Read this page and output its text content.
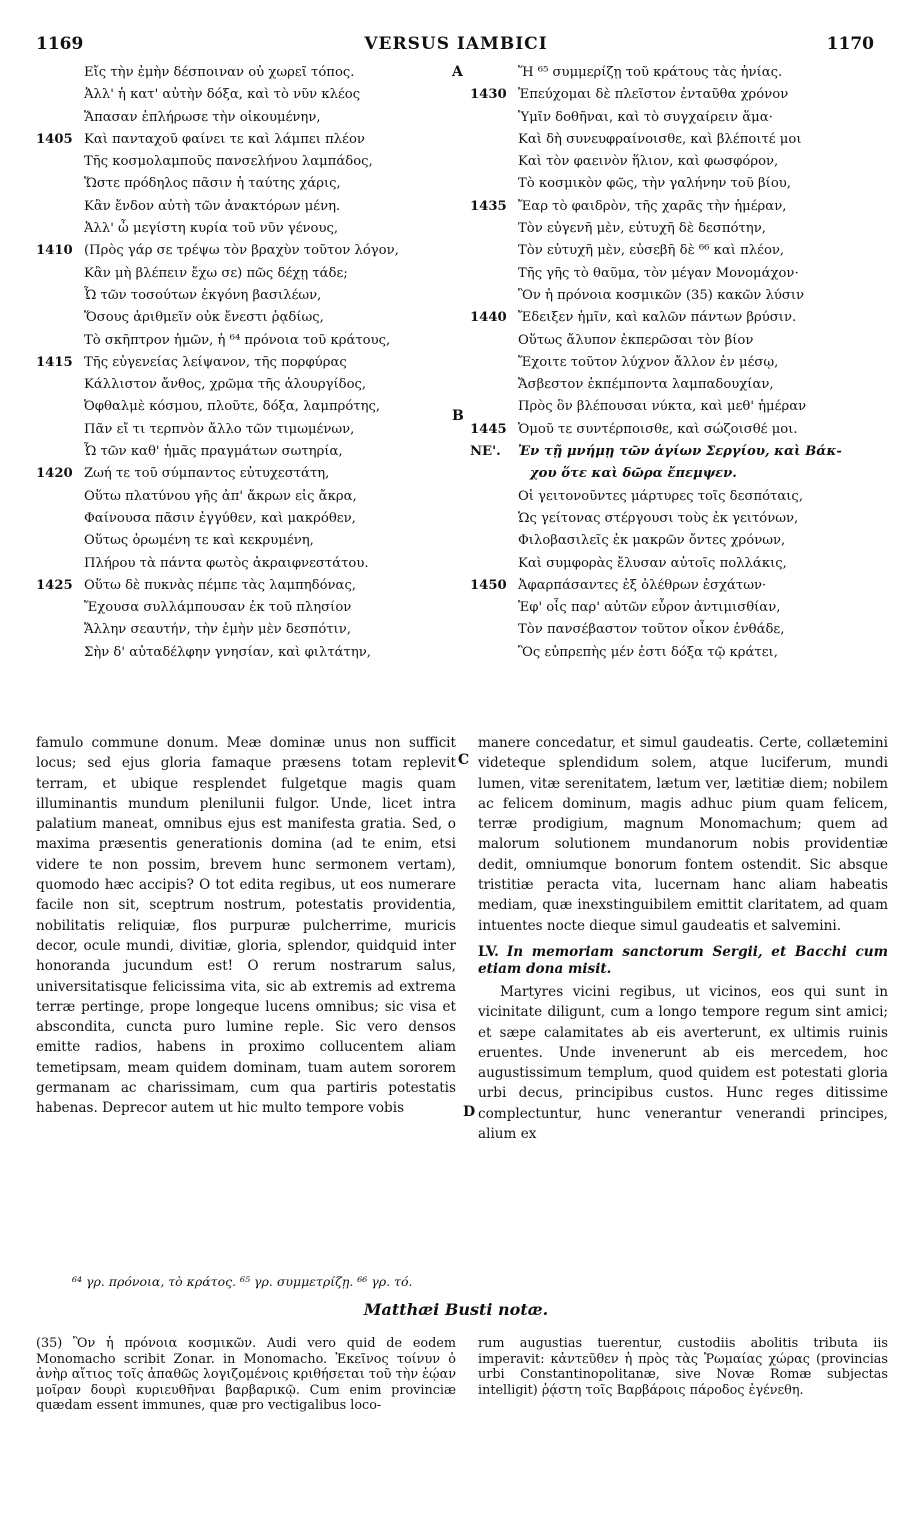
1169	VERSUS IAMBICI	1170
Εἴς τὴν ἐμὴν δέσποιναν οὐ χωρεῖ τόπος.
Ἀλλ' ἡ κατ' αὐτὴν δόξα, καὶ τὸ νῦν κλέος
Ἅπασαν ἐπλήρωσε τὴν οἰκουμένην,
1405 Καὶ πανταχοῦ φαίνει τε καὶ λάμπει πλέον
Τῆς κοσμολαμποῦς πανσελήνου λαμπάδος,
Ὥστε πρόδηλος πᾶσιν ἡ ταύτης χάρις,
Κἂν ἔνδον αὐτὴ τῶν ἀνακτόρων μένη.
Ἀλλ' ὦ μεγίστη κυρία τοῦ νῦν γένους,
1410 (Πρὸς γάρ σε τρέψω τὸν βραχὺν τοῦτον λόγον,
Κἂν μὴ βλέπειν ἔχω σε) πῶς δέχῃ τάδε;
Ὦ τῶν τοσούτων ἐκγόνη βασιλέων,
Ὅσους ἀριθμεῖν οὐκ ἔνεστι ῥᾳδίως,
Τὸ σκῆπτρον ἡμῶν, ἡ ⁶⁴ πρόνοια τοῦ κράτους,
1415 Τῆς εὐγενείας λείψανον, τῆς πορφύρας
Κάλλιστον ἄνθος, χρῶμα τῆς ἁλουργίδος,
Ὀφθαλμὲ κόσμου, πλοῦτε, δόξα, λαμπρότης,
Πᾶν εἴ τι τερπνὸν ἄλλο τῶν τιμωμένων,
Ὦ τῶν καθ' ἡμᾶς πραγμάτων σωτηρία,
1420 Ζωή τε τοῦ σύμπαντος εὐτυχεστάτη,
Οὕτω πλατύνου γῆς ἀπ' ἄκρων εἰς ἄκρα,
Φαίνουσα πᾶσιν ἐγγύθεν, καὶ μακρόθεν,
Οὕτως ὁρωμένη τε καὶ κεκρυμένη,
Πλήρου τὰ πάντα φωτὸς ἀκραιφνεστάτου.
1425 Οὕτω δὲ πυκνὰς πέμπε τὰς λαμπηδόνας,
Ἔχουσα συλλάμπουσαν ἐκ τοῦ πλησίον
Ἄλλην σεαυτήν, τὴν ἐμὴν μὲν δεσπότιν,
Σὴν δ' αὐταδέλφην γνησίαν, καὶ φιλτάτην,
Ἥ ⁶⁵ συμμερίζῃ τοῦ κράτους τὰς ἡνίας.
1430 Ἐπεύχομαι δὲ πλεῖστον ἐνταῦθα χρόνον
Ὑμῖν δοθῆναι, καὶ τὸ συγχαίρειν ἅμα·
Καὶ δὴ συνευφραίνοισθε, καὶ βλέποιτέ μοι
Καὶ τὸν φαεινὸν ἥλιον, καὶ φωσφόρον,
Τὸ κοσμικὸν φῶς, τὴν γαλήνην τοῦ βίου,
1435 Ἔαρ τὸ φαιδρὸν, τῆς χαρᾶς τὴν ἡμέραν,
Τὸν εὐγενῆ μὲν, εὐτυχῆ δὲ δεσπότην,
Τὸν εὐτυχῆ μὲν, εὐσεβῆ δὲ ⁶⁶ καὶ πλέον,
Τῆς γῆς τὸ θαῦμα, τὸν μέγαν Μονομάχον·
Ὃν ἡ πρόνοια κοσμικῶν (35) κακῶν λύσιν
1440 Ἔδειξεν ἡμῖν, καὶ καλῶν πάντων βρύσιν.
Οὕτως ἄλυπον ἐκπερῶσαι τὸν βίον
Ἔχοιτε τοῦτον λύχνον ἄλλον ἐν μέσῳ,
Ἄσβεστον ἐκπέμποντα λαμπαδουχίαν,
Πρὸς ὃν βλέπουσαι νύκτα, καὶ μεθ' ἡμέραν
1445 Ὁμοῦ τε συντέρποισθε, καὶ σώζοισθέ μοι.
ΝΕ'.	Ἐν τῇ μνήμῃ τῶν ἁγίων Σεργίου, καὶ Βάκ-
χου ὅτε καὶ δῶρα ἔπεμψεν.
Οἱ γειτονοῦντες μάρτυρες τοῖς δεσπόταις,
Ὡς γείτονας στέργουσι τοὺς ἐκ γειτόνων,
Φιλοβασιλεῖς ἐκ μακρῶν ὄντες χρόνων,
Καὶ συμφορὰς ἔλυσαν αὐτοῖς πολλάκις,
1450 Ἀφαρπάσαντες ἐξ ὀλέθρων ἐσχάτων·
Ἐφ' οἷς παρ' αὐτῶν εὗρον ἀντιμισθίαν,
Τὸν πανσέβαστον τοῦτον οἶκον ἐνθάδε,
Ὃς εὐπρεπὴς μέν ἐστι δόξα τῷ κράτει,
A
B
C
D

famulo commune donum. Meæ dominæ unus non sufficit locus; sed ejus gloria famaque præsens totam replevit terram, et ubique resplendet fulgetque magis quam illuminantis mundum plenilunii fulgor. Unde, licet intra palatium maneat, omnibus ejus est manifesta gratia. Sed, o maxima præsentis generationis domina (ad te enim, etsi videre te non possim, brevem hunc sermonem vertam), quomodo hæc accipis? O tot edita regibus, ut eos numerare facile non sit, sceptrum nostrum, potestatis providentia, nobilitatis reliquiæ, flos purpuræ pulcherrime, muricis decor, ocule mundi, divitiæ, gloria, splendor, quidquid inter honoranda jucundum est! O rerum nostrarum salus, universitatisque felicissima vita, sic ab extremis ad extrema terræ pertinge, prope longeque lucens omnibus; sic visa et abscondita, cuncta puro lumine reple. Sic vero densos emitte radios, habens in proximo collucentem aliam temetipsam, meam quidem dominam, tuam autem sororem germanam ac charissimam, cum qua partiris potestatis habenas. Deprecor autem ut hic multo tempore vobis

manere concedatur, et simul gaudeatis. Certe, collætemini videteque splendidum solem, atque luciferum, mundi lumen, vitæ serenitatem, lætum ver, lætitiæ diem; nobilem ac felicem dominum, magis adhuc pium quam felicem, terræ prodigium, magnum Monomachum; quem ad malorum solutionem mundanorum nobis providentiæ dedit, omniumque bonorum fontem ostendit. Sic absque tristitiæ peracta vita, lucernam hanc aliam habeatis mediam, quæ inexstinguibilem emittit claritatem, ad quam intuentes nocte dieque simul gaudeatis et salvemini.

LV. In memoriam sanctorum Sergii, et Bacchi cum etiam dona misit.

Martyres vicini regibus, ut vicinos, eos qui sunt in vicinitate diligunt, cum a longo tempore regum sint amici; et sæpe calamitates ab eis averterunt, ex ultimis ruinis eruentes. Unde invenerunt ab eis mercedem, hoc augustissimum templum, quod quidem est potestati gloria urbi decus, principibus custos. Hunc reges ditissime complectuntur, hunc venerantur venerandi principes, alium ex

⁶⁴ γρ. πρόνοια, τὸ κράτος. ⁶⁵ γρ. συμμετρίζῃ. ⁶⁶ γρ. τό.
Matthæi Busti notæ.

(35) Ὃν ἡ πρόνοια κοσμικῶν. Audi vero quid de eodem Monomacho scribit Zonar. in Monomacho. Ἐκεῖνος τοίνυν ὁ ἀνὴρ αἴτιος τοῖς ἀπαθῶς λογιζομένοις κριθήσεται τοῦ τὴν ἑῴαν μοῖραν δουρὶ κυριευθῆναι βαρβαρικῷ. Cum enim provinciæ quædam essent immunes, quæ pro vectigalibus loco-

rum augustias tuerentur, custodiis abolitis tributa iis imperavit: κἀντεῦθεν ἡ πρὸς τὰς Ῥωμαίας χώρας (provincias urbi Constantinopolitanæ, sive Novæ Romæ subjectas intelligit) ῥᾴστη τοῖς Βαρβάροις πάροδος ἐγένεθη.
